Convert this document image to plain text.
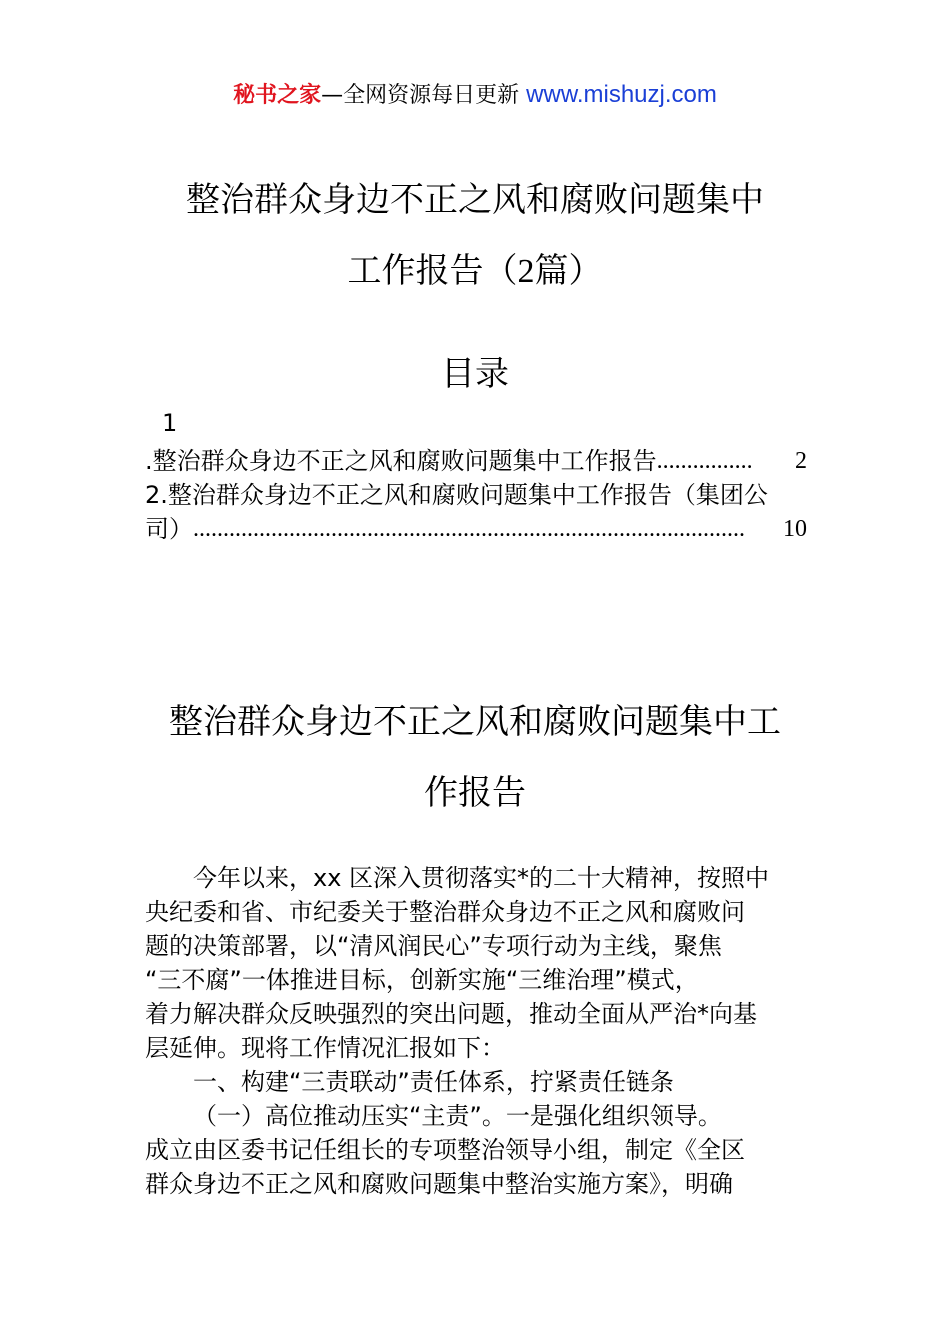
秘书之家—全网资源每日更新 www.mishuzj.com
整治群众身边不正之风和腐败问题集中
工作报告（2篇）
目录
.整治群众身边不正之风和腐败问题集中工作报告 ................	2
2.整治群众身边不正之风和腐败问题集中工作报告（集团公
司） ............................................................................................	10
整治群众身边不正之风和腐败问题集中工
作报告
今年以来，xx 区深入贯彻落实*的二十大精神，按照中
央纪委和省、市纪委关于整治群众身边不正之风和腐败问
题的决策部署，以“清风润民心”专项行动为主线，聚焦
“三不腐”一体推进目标，创新实施“三维治理”模式，
着力解决群众反映强烈的突出问题，推动全面从严治*向基
层延伸。现将工作情况汇报如下：
一、构建“三责联动”责任体系，拧紧责任链条
（一）高位推动压实“主责”。一是强化组织领导。
成立由区委书记任组长的专项整治领导小组，制定《全区
群众身边不正之风和腐败问题集中整治实施方案》，明确
1
